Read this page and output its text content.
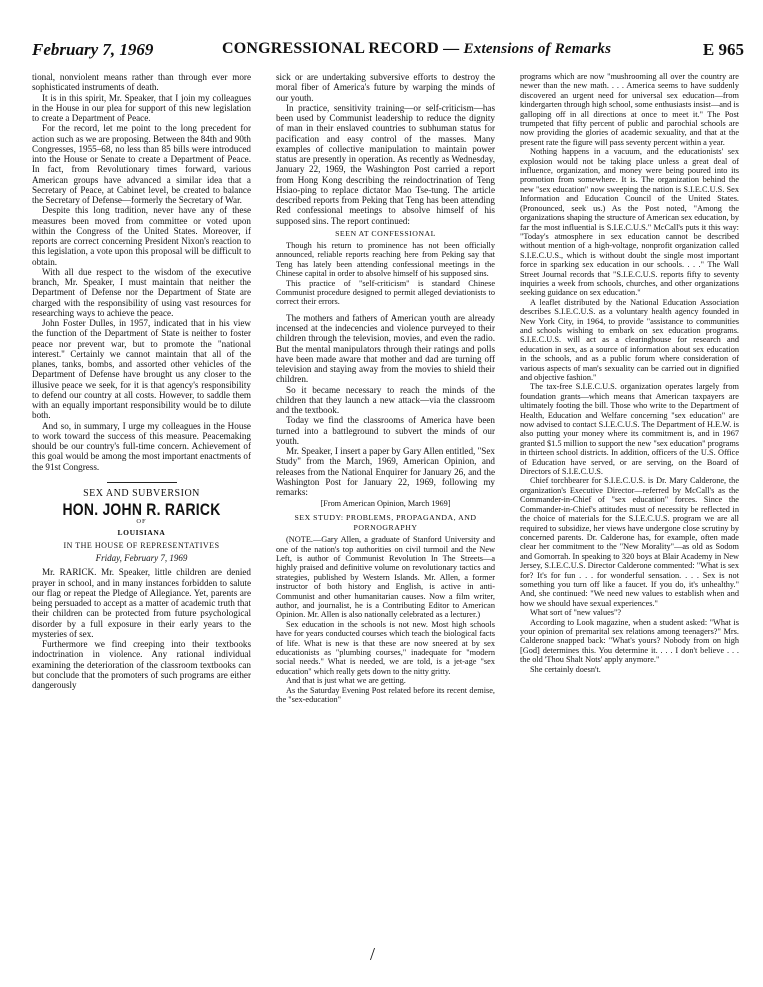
February 7, 1969	CONGRESSIONAL RECORD — Extensions of Remarks	E 965

tional, nonviolent means rather than through ever more sophisticated instruments of death.

It is in this spirit, Mr. Speaker, that I join my colleagues in the House in our plea for support of this new legislation to create a Department of Peace.

For the record, let me point to the long precedent for action such as we are proposing. Between the 84th and 90th Congresses, 1955–68, no less than 85 bills were introduced into the House or Senate to create a Department of Peace. In fact, from Revolutionary times forward, various American groups have advanced a similar idea that a Secretary of Peace, at Cabinet level, be created to balance the Secretary of Defense—formerly the Secretary of War.

Despite this long tradition, never have any of these measures been moved from committee or voted upon within the Congress of the United States. Moreover, if reports are correct concerning President Nixon's reaction to this legislation, a vote upon this proposal will be difficult to obtain.

With all due respect to the wisdom of the executive branch, Mr. Speaker, I must maintain that neither the Department of Defense nor the Department of State are charged with the responsibility of using vast resources for researching ways to achieve the peace.

John Foster Dulles, in 1957, indicated that in his view the function of the Department of State is neither to foster peace nor prevent war, but to promote the "national interest." Certainly we cannot maintain that all of the planes, tanks, bombs, and assorted other vehicles of the Department of Defense have brought us any closer to the illusive peace we seek, for it is that agency's responsibility to defend our country at all costs. However, to saddle them with an equally important responsibility would be to dilute both.

And so, in summary, I urge my colleagues in the House to work toward the success of this measure. Peacemaking should be our country's full-time concern. Achievement of this goal would be among the most important enactments of the 91st Congress.

SEX AND SUBVERSION
HON. JOHN R. RARICK
OF
LOUISIANA
IN THE HOUSE OF REPRESENTATIVES
Friday, February 7, 1969

Mr. RARICK. Mr. Speaker, little children are denied prayer in school, and in many instances forbidden to salute our flag or repeat the Pledge of Allegiance. Yet, parents are being persuaded to accept as a matter of academic truth that their children can be protected from future psychological disorder by a full exposure in their early years to the mysteries of sex.

Furthermore we find creeping into their textbooks indoctrination in violence. Any rational individual examining the deterioration of the classroom textbooks can but conclude that the promoters of such programs are either dangerously

sick or are undertaking subversive efforts to destroy the moral fiber of America's future by warping the minds of our youth.

In practice, sensitivity training—or self-criticism—has been used by Communist leadership to reduce the dignity of man in their enslaved countries to subhuman status for pacification and easy control of the masses. Many examples of collective manipulation to maintain power status are presently in operation. As recently as Wednesday, January 22, 1969, the Washington Post carried a report from Hong Kong describing the reindoctrination of Teng Hsiao-ping to replace dictator Mao Tse-tung. The article described reports from Peking that Teng has been attending Red confessional meetings to absolve himself of his supposed sins. The report continued:

SEEN AT CONFESSIONAL

Though his return to prominence has not been officially announced, reliable reports reaching here from Peking say that Teng has lately been attending confessional meetings in the Chinese capital in order to absolve himself of his supposed sins.

This practice of "self-criticism" is standard Chinese Communist procedure designed to permit alleged deviationists to correct their errors.

The mothers and fathers of American youth are already incensed at the indecencies and violence purveyed to their children through the television, movies, and even the radio. But the mental manipulators through their ratings and polls have been made aware that mother and dad are turning off television and staying away from the movies to shield their children.

So it became necessary to reach the minds of the children that they launch a new attack—via the classroom and the textbook.

Today we find the classrooms of America have been turned into a battleground to subvert the minds of our youth.

Mr. Speaker, I insert a paper by Gary Allen entitled, "Sex Study" from the March, 1969, American Opinion, and releases from the National Enquirer for January 26, and the Washington Post for January 22, 1969, following my remarks:

[From American Opinion, March 1969]
SEX STUDY: PROBLEMS, PROPAGANDA, AND PORNOGRAPHY

(NOTE.—Gary Allen, a graduate of Stanford University and one of the nation's top authorities on civil turmoil and the New Left, is author of Communist Revolution In The Streets—a highly praised and definitive volume on revolutionary tactics and strategies, published by Western Islands. Mr. Allen, a former instructor of both history and English, is active in anti-Communist and other humanitarian causes. Now a film writer, author, and journalist, he is a Contributing Editor to American Opinion. Mr. Allen is also nationally celebrated as a lecturer.)

Sex education in the schools is not new. Most high schools have for years conducted courses which teach the biological facts of life. What is new is that these are now sneered at by sex educationists as "plumbing courses," inadequate for "modern social needs." What is needed, we are told, is a jet-age "sex education" which really gets down to the nitty gritty.

And that is just what we are getting.

As the Saturday Evening Post related before its recent demise, the "sex-education"

programs which are now "mushrooming all over the country are newer than the new math. . . . America seems to have suddenly discovered an urgent need for universal sex education—from kindergarten through high school, some enthusiasts insist—and is galloping off in all directions at once to meet it." The Post trumpeted that fifty percent of public and parochial schools are now providing the glories of academic sexuality, and that at the present rate the figure will pass seventy percent within a year.

Nothing happens in a vacuum, and the educationists' sex explosion would not be taking place unless a great deal of influence, organization, and money were being poured into its promotion from somewhere. It is. The organization behind the new "sex education" now sweeping the nation is S.I.E.C.U.S. Sex Information and Education Council of the United States. (Pronounced, seek us.) As the Post noted, "Among the organizations shaping the structure of American sex education, by far the most influential is S.I.E.C.U.S." McCall's puts it this way: "Today's atmosphere in sex education cannot be described without mention of a high-voltage, nonprofit organization called S.I.E.C.U.S., which is without doubt the single most important force in sparking sex education in our schools. . . ." The Wall Street Journal records that "S.I.E.C.U.S. reports fifty to seventy inquiries a week from schools, churches, and other organizations seeking guidance on sex education."

A leaflet distributed by the National Education Association describes S.I.E.C.U.S. as a voluntary health agency founded in New York City, in 1964, to provide "assistance to communities and schools wishing to embark on sex education programs. S.I.E.C.U.S. will act as a clearinghouse for research and education in sex, as a source of information about sex education in the schools, and as a public forum where consideration of various aspects of man's sexuality can be carried out in dignified and objective fashion."

The tax-free S.I.E.C.U.S. organization operates largely from foundation grants—which means that American taxpayers are ultimately footing the bill. Those who write to the Department of Health, Education and Welfare concerning "sex education" are now advised to contact S.I.E.C.U.S. The Department of H.E.W. is also putting your money where its commitment is, and in 1967 granted $1.5 million to support the new "sex education" programs in thirteen school districts. In addition, officers of the U.S. Office of Education have served, or are serving, on the Board of Directors of S.I.E.C.U.S.

Chief torchbearer for S.I.E.C.U.S. is Dr. Mary Calderone, the organization's Executive Director—referred by McCall's as the Commander-in-Chief of "sex education" forces. Since the Commander-in-Chief's attitudes must of necessity be reflected in the choice of materials for the S.I.E.C.U.S. program we are all required to subsidize, her views have undergone close scrutiny by concerned parents. Dr. Calderone has, for example, often made clear her commitment to the "New Morality"—as old as Sodom and Gomorrah. In speaking to 320 boys at Blair Academy in New Jersey, S.I.E.C.U.S. Director Calderone commented: "What is sex for? It's for fun . . . for wonderful sensation. . . . Sex is not something you turn off like a faucet. If you do, it's unhealthy." And, she continued: "We need new values to establish when and how we should have sexual experiences."

What sort of "new values"?

According to Look magazine, when a student asked: "What is your opinion of premarital sex relations among teenagers?" Mrs. Calderone snapped back: "What's yours? Nobody from on high [God] determines this. You determine it. . . . I don't believe . . . the old 'Thou Shalt Nots' apply anymore."

She certainly doesn't.

/
